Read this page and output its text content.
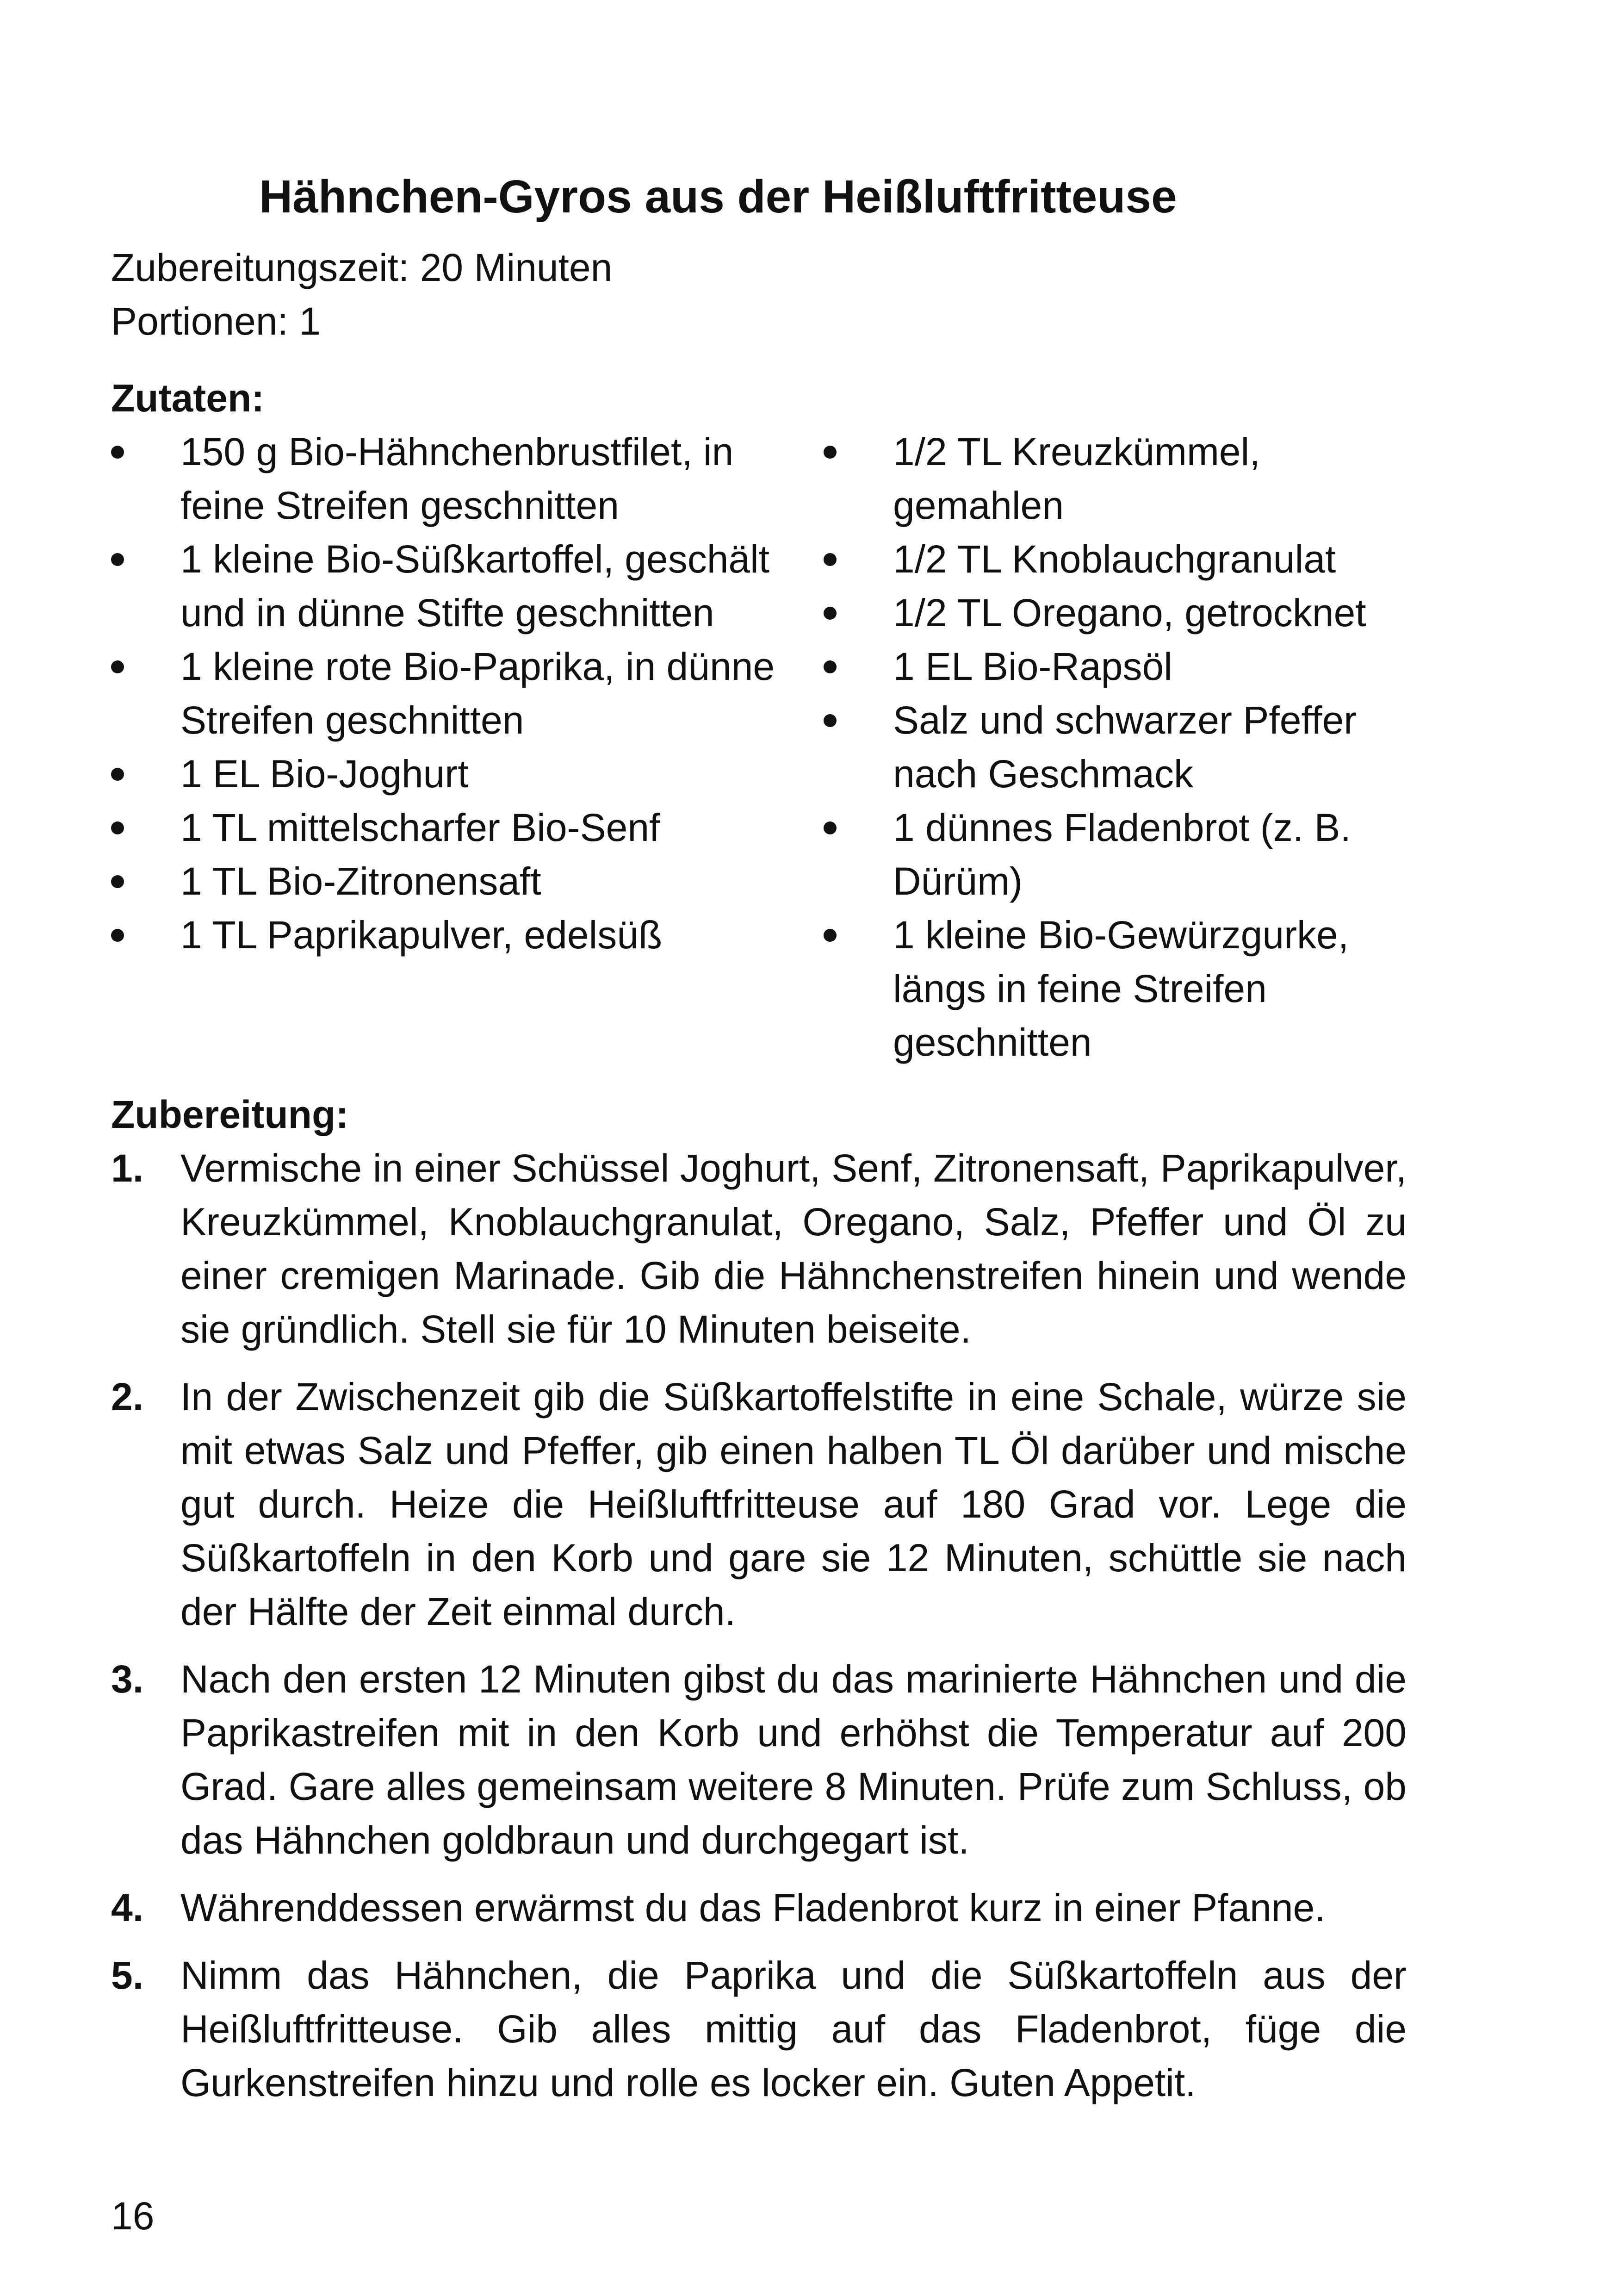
Hähnchen-Gyros aus der Heißluftfritteuse

Zubereitungszeit: 20 Minuten

Portionen: 1

Zutaten:

150 g Bio-Hähnchenbrustfilet, in feine Streifen geschnitten
1 kleine Bio-Süßkartoffel, geschält und in dünne Stifte geschnitten
1 kleine rote Bio-Paprika, in dünne Streifen geschnitten
1 EL Bio-Joghurt
1 TL mittelscharfer Bio-Senf
1 TL Bio-Zitronensaft
1 TL Paprikapulver, edelsüß
1/2 TL Kreuzkümmel, gemahlen
1/2 TL Knoblauchgranulat
1/2 TL Oregano, getrocknet
1 EL Bio-Rapsöl
Salz und schwarzer Pfeffer nach Geschmack
1 dünnes Fladenbrot (z. B. Dürüm)
1 kleine Bio-Gewürzgurke, längs in feine Streifen geschnitten

Zubereitung:

1. Vermische in einer Schüssel Joghurt, Senf, Zitronensaft, Paprikapulver, Kreuzkümmel, Knoblauchgranulat, Oregano, Salz, Pfeffer und Öl zu einer cremigen Marinade. Gib die Hähnchenstreifen hinein und wende sie gründlich. Stell sie für 10 Minuten beiseite.
2. In der Zwischenzeit gib die Süßkartoffelstifte in eine Schale, würze sie mit etwas Salz und Pfeffer, gib einen halben TL Öl darüber und mische gut durch. Heize die Heißluftfritteuse auf 180 Grad vor. Lege die Süßkartoffeln in den Korb und gare sie 12 Minuten, schüttle sie nach der Hälfte der Zeit einmal durch.
3. Nach den ersten 12 Minuten gibst du das marinierte Hähnchen und die Paprikastreifen mit in den Korb und erhöhst die Temperatur auf 200 Grad. Gare alles gemeinsam weitere 8 Minuten. Prüfe zum Schluss, ob das Hähnchen goldbraun und durchgegart ist.
4. Währenddessen erwärmst du das Fladenbrot kurz in einer Pfanne.
5. Nimm das Hähnchen, die Paprika und die Süßkartoffeln aus der Heißluftfritteuse. Gib alles mittig auf das Fladenbrot, füge die Gurkenstreifen hinzu und rolle es locker ein. Guten Appetit.
16
